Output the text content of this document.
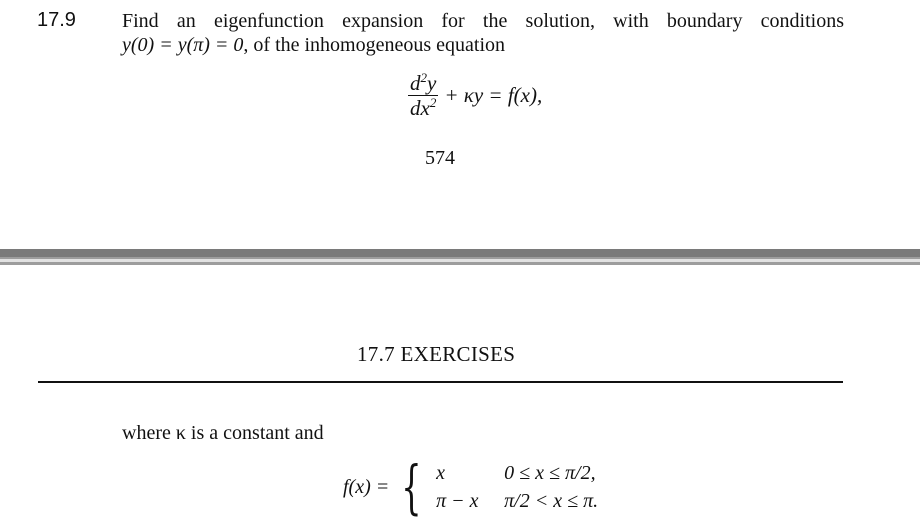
17.9 Find an eigenfunction expansion for the solution, with boundary conditions
y(0) = y(π) = 0, of the inhomogeneous equation
$\frac{d^2y}{dx^2} + \kappa y = f(x)$,
574
17.7 EXERCISES
where κ is a constant and
f(x) = { x	0 ≤ x ≤ π/2,
π − x	π/2 < x ≤ π.
